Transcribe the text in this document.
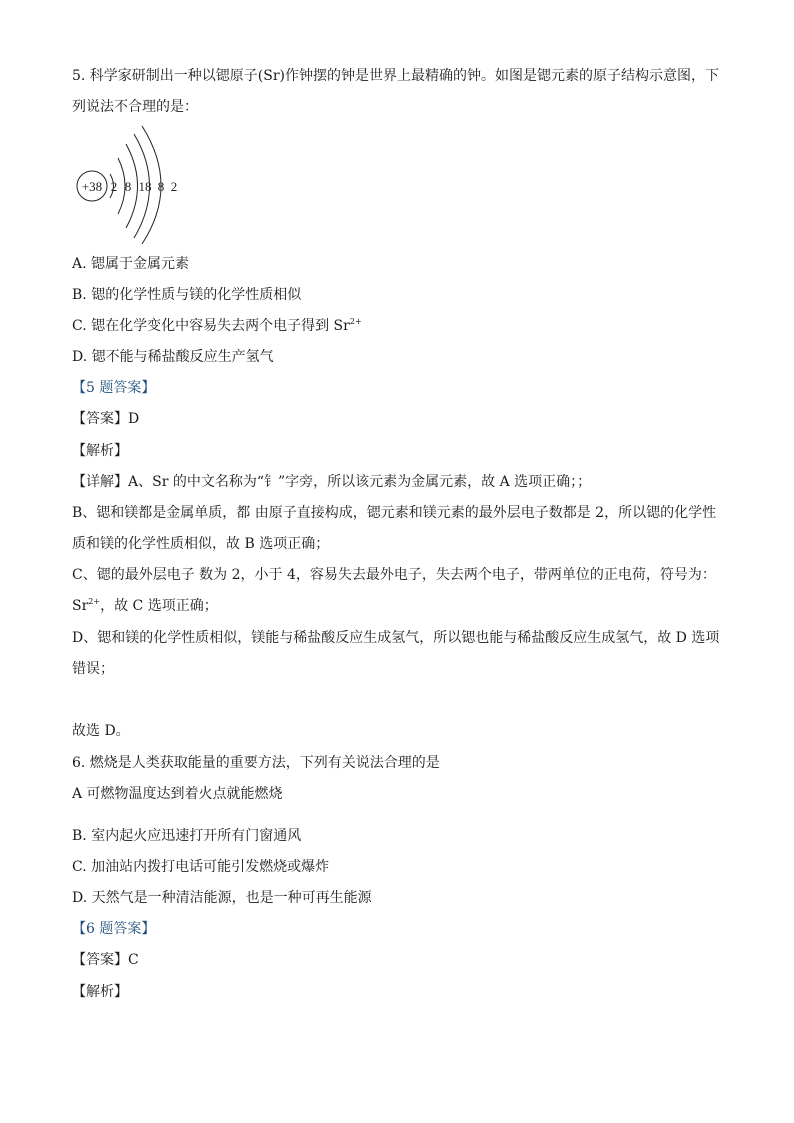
5. 科学家研制出一种以锶原子(Sr)作钟摆的钟是世界上最精确的钟。如图是锶元素的原子结构示意图，下
列说法不合理的是：
+38 2 8 18 8 2
A. 锶属于金属元素
B. 锶的化学性质与镁的化学性质相似
C. 锶在化学变化中容易失去两个电子得到 $Sr^{2+}$
D. 锶不能与稀盐酸反应生产氢气
【5 题答案】
【答案】D
【解析】
【详解】A、Sr 的中文名称为“钅”字旁，所以该元素为金属元素，故 A 选项正确；；
B、锶和镁都是金属单质，都 由原子直接构成，锶元素和镁元素的最外层电子数都是 2，所以锶的化学性
质和镁的化学性质相似，故 B 选项正确；
C、锶的最外层电子 数为 2，小于 4，容易失去最外电子，失去两个电子，带两单位的正电荷，符号为：
$Sr^{2+}$，故 C 选项正确；
D、锶和镁的化学性质相似，镁能与稀盐酸反应生成氢气，所以锶也能与稀盐酸反应生成氢气，故 D 选项
错误；
故选 D。
6. 燃烧是人类获取能量的重要方法，下列有关说法合理的是
A 可燃物温度达到着火点就能燃烧
B. 室内起火应迅速打开所有门窗通风
C. 加油站内拨打电话可能引发燃烧或爆炸
D. 天然气是一种清洁能源，也是一种可再生能源
【6 题答案】
【答案】C
【解析】
